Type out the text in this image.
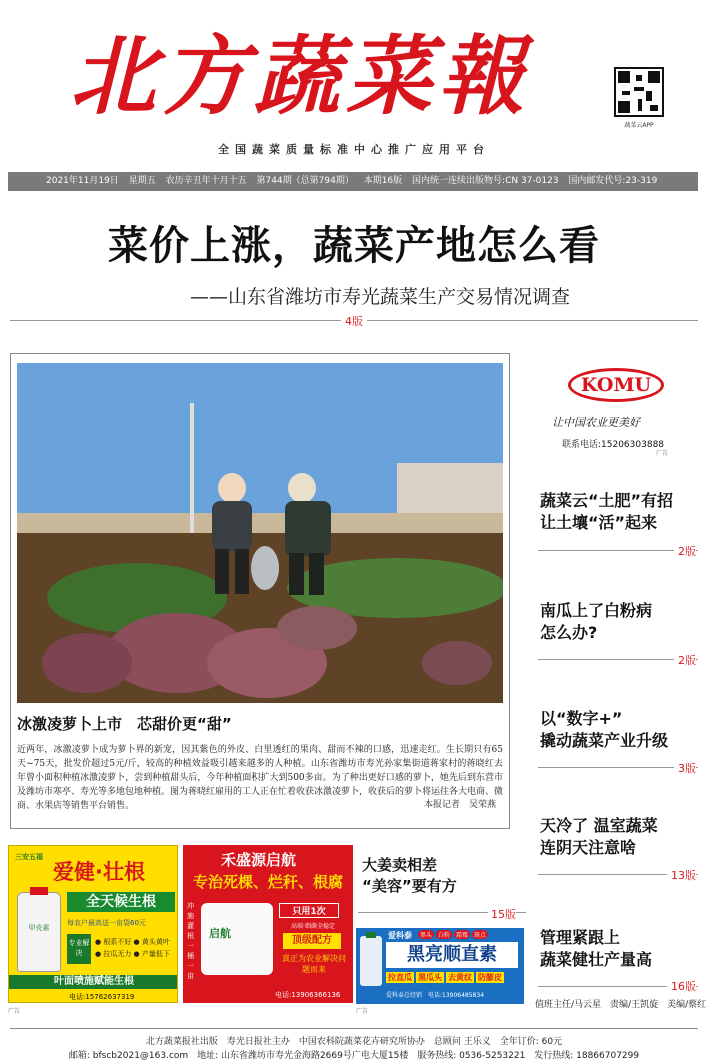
北方蔬菜報	蔬菜云APP
全国蔬菜质量标准中心推广应用平台
2021年11月19日 星期五 农历辛丑年十月十五 第744期（总第794期） 本期16版 国内统一连续出版物号:CN 37-0123 国内邮发代号:23-319
菜价上涨，蔬菜产地怎么看
——山东省潍坊市寿光蔬菜生产交易情况调查
4版
冰激凌萝卜上市　芯甜价更“甜”
近两年，冰激凌萝卜成为萝卜界的新宠，因其紫色的外皮、白里透红的果肉、甜而不辣的口感，迅速走红。生长期只有65天~75天，批发价超过5元/斤，较高的种植效益吸引越来越多的人种植。山东省潍坊市寿光孙家集街道蒋家村的蒋晓红去年曾小面积种植冰激凌萝卜，尝到种植甜头后，今年种植面积扩大到500多亩。为了种出更好口感的萝卜，她先后到东营市及潍坊市寒亭、寿光等多地包地种植。图为蒋晓红雇用的工人正在忙着收获冰激凌萝卜，收获后的萝卜将运往各大电商、微商、水果店等销售平台销售。	本报记者　吴荣燕
KOMU
让中国农业更美好
联系电话:15206303888
广告
蔬菜云“土肥”有招
让土壤“活”起来
2版
南瓜上了白粉病
怎么办?
2版
以“数字+”
撬动蔬菜产业升级
3版
天冷了 温室蔬菜
连阴天注意啥
13版
管理紧跟上
蔬菜健壮产量高
16版
三安五福
爱健·壮根
全天候生根
每农户最高送一亩袋60元
专业解决
● 根系不好 ● 黄头黄叶
● 拉瓜无力 ● 产量低下
甲壳素
叶面喷施赋能生根
电话:15762637319
禾盛源启航
专治死棵、烂秆、根腐
冲施
灌根
一桶一亩
启航
只用1次
高端·细菌全稳定
顶级配方
真正为农业解决问题而来
电话:13906366136
大姜卖相差
“美容”要有方
15版
爱科泰	黑头	白粉	霜霉	斑点
黑亮顺直素
拉直瓜 黑瓜头 去黄纹 防膨皮
爱科泰总经销　电话:13906485834
广告	广告
值班主任/马云星　责编/王凯旋　美编/蔡红
北方蔬菜报社出版　寿光日报社主办　中国农科院蔬菜花卉研究所协办　总顾问 王乐义　全年订价: 60元
邮箱: bfscb2021@163.com 地址: 山东省潍坊市寿光金海路2669号广电大厦15楼 服务热线: 0536-5253221 发行热线: 18866707299
